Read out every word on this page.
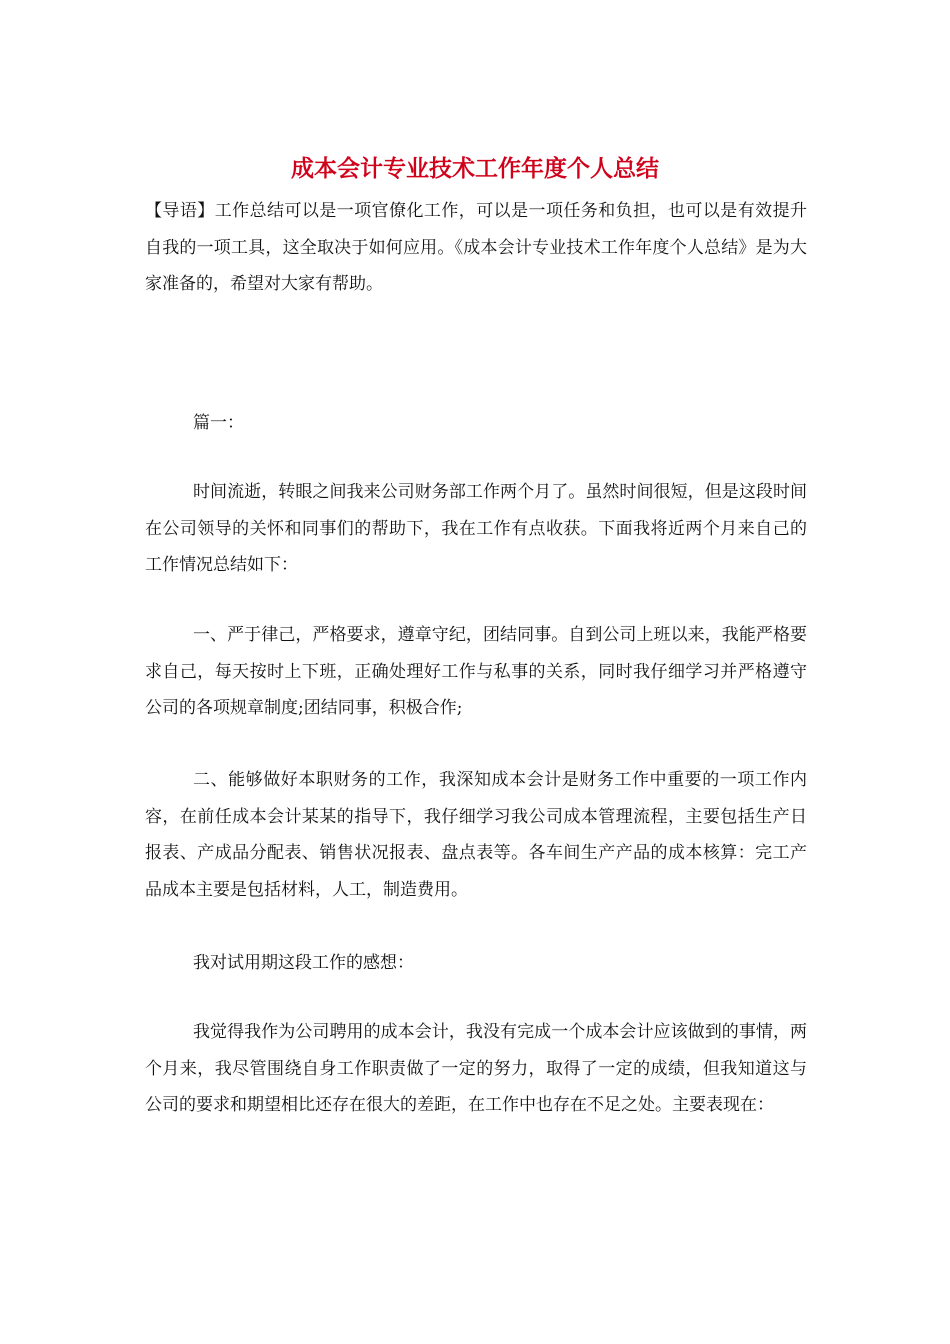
成本会计专业技术工作年度个人总结

【导语】工作总结可以是一项官僚化工作，可以是一项任务和负担，也可以是有效提升自我的一项工具，这全取决于如何应用。《成本会计专业技术工作年度个人总结》是为大家准备的，希望对大家有帮助。

篇一：

时间流逝，转眼之间我来公司财务部工作两个月了。虽然时间很短，但是这段时间在公司领导的关怀和同事们的帮助下，我在工作有点收获。下面我将近两个月来自己的工作情况总结如下：

一、严于律己，严格要求，遵章守纪，团结同事。自到公司上班以来，我能严格要求自己，每天按时上下班，正确处理好工作与私事的关系，同时我仔细学习并严格遵守公司的各项规章制度;团结同事，积极合作;

二、能够做好本职财务的工作，我深知成本会计是财务工作中重要的一项工作内容，在前任成本会计某某的指导下，我仔细学习我公司成本管理流程，主要包括生产日报表、产成品分配表、销售状况报表、盘点表等。各车间生产产品的成本核算：完工产品成本主要是包括材料，人工，制造费用。

我对试用期这段工作的感想：

我觉得我作为公司聘用的成本会计，我没有完成一个成本会计应该做到的事情，两个月来，我尽管围绕自身工作职责做了一定的努力，取得了一定的成绩，但我知道这与公司的要求和期望相比还存在很大的差距，在工作中也存在不足之处。主要表现在：
